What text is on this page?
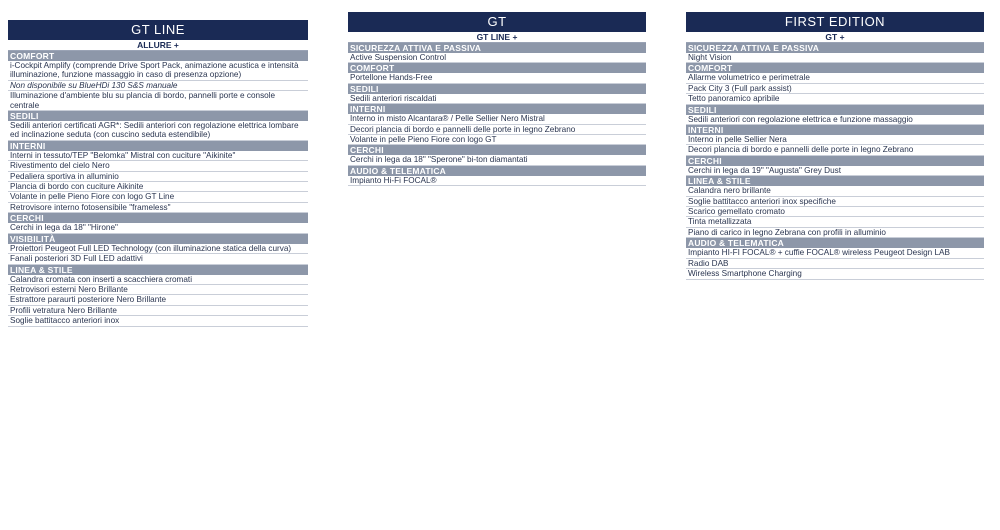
GT LINE
ALLURE +
COMFORT
i-Cockpit Amplify (comprende Drive Sport Pack, animazione acustica e intensità illuminazione, funzione massaggio in caso di presenza opzione)
Non disponibile su BlueHDi 130 S&S manuale
Illuminazione d'ambiente blu su plancia di bordo, pannelli porte e console centrale
SEDILI
Sedili anteriori certificati AGR*: Sedili anteriori con regolazione elettrica lombare ed inclinazione seduta (con cuscino seduta estendibile)
INTERNI
Interni in tessuto/TEP "Belomka" Mistral con cuciture "Aikinite"
Rivestimento del cielo Nero
Pedaliera sportiva in alluminio
Plancia di bordo con cuciture Aikinite
Volante in pelle Pieno Fiore con logo GT Line
Retrovisore interno fotosensibile "frameless"
CERCHI
Cerchi in lega da 18" "Hirone"
VISIBILITÀ
Proiettori Peugeot Full LED Technology (con illuminazione statica della curva)
Fanali posteriori 3D Full LED adattivi
LINEA & STILE
Calandra cromata con inserti a scacchiera cromati
Retrovisori esterni Nero Brillante
Estrattore paraurti posteriore Nero Brillante
Profili vetratura Nero Brillante
Soglie battitacco anteriori inox
GT
GT LINE +
SICUREZZA ATTIVA E PASSIVA
Active Suspension Control
COMFORT
Portellone Hands-Free
SEDILI
Sedili anteriori riscaldati
INTERNI
Interno in misto Alcantara® / Pelle Sellier Nero Mistral
Decori plancia di bordo e pannelli delle porte in legno Zebrano
Volante in pelle Pieno Fiore con logo GT
CERCHI
Cerchi in lega da 18" "Sperone" bi-ton diamantati
AUDIO & TELEMATICA
Impianto Hi-Fi FOCAL®
FIRST EDITION
GT +
SICUREZZA ATTIVA E PASSIVA
Night Vision
COMFORT
Allarme volumetrico e perimetrale
Pack City 3 (Full park assist)
Tetto panoramico apribile
SEDILI
Sedili anteriori con regolazione elettrica e funzione massaggio
INTERNI
Interno in pelle Sellier Nera
Decori plancia di bordo e pannelli delle porte in legno Zebrano
CERCHI
Cerchi in lega da 19" "Augusta" Grey Dust
LINEA & STILE
Calandra nero brillante
Soglie battitacco anteriori inox specifiche
Scarico gemellato cromato
Tinta metallizzata
Piano di carico in legno Zebrana con profili in alluminio
AUDIO & TELEMATICA
Impianto HI-FI FOCAL® + cuffie FOCAL® wireless Peugeot Design LAB
Radio DAB
Wireless Smartphone Charging
